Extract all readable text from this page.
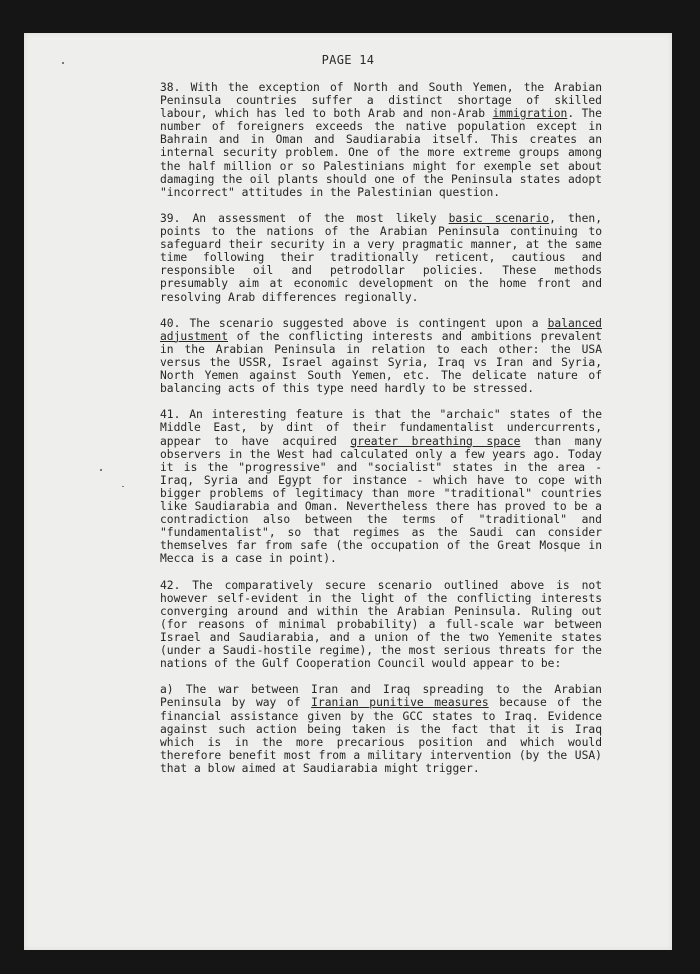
PAGE 14

38. With the exception of North and South Yemen, the Arabian Peninsula countries suffer a distinct shortage of skilled labour, which has led to both Arab and non-Arab immigration. The number of foreigners exceeds the native population except in Bahrain and in Oman and Saudiarabia itself. This creates an internal security problem. One of the more extreme groups among the half million or so Palestinians might for exemple set about damaging the oil plants should one of the Peninsula states adopt "incorrect" attitudes in the Palestinian question.

39. An assessment of the most likely basic scenario, then, points to the nations of the Arabian Peninsula continuing to safeguard their security in a very pragmatic manner, at the same time following their traditionally reticent, cautious and responsible oil and petrodollar policies. These methods presumably aim at economic development on the home front and resolving Arab differences regionally.

40. The scenario suggested above is contingent upon a balanced adjustment of the conflicting interests and ambitions prevalent in the Arabian Peninsula in relation to each other: the USA versus the USSR, Israel against Syria, Iraq vs Iran and Syria, North Yemen against South Yemen, etc. The delicate nature of balancing acts of this type need hardly to be stressed.

41. An interesting feature is that the "archaic" states of the Middle East, by dint of their fundamentalist undercurrents, appear to have acquired greater breathing space than many observers in the West had calculated only a few years ago. Today it is the "progressive" and "socialist" states in the area - Iraq, Syria and Egypt for instance - which have to cope with bigger problems of legitimacy than more "traditional" countries like Saudiarabia and Oman. Nevertheless there has proved to be a contradiction also between the terms of "traditional" and "fundamentalist", so that regimes as the Saudi can consider themselves far from safe (the occupation of the Great Mosque in Mecca is a case in point).

42. The comparatively secure scenario outlined above is not however self-evident in the light of the conflicting interests converging around and within the Arabian Peninsula. Ruling out (for reasons of minimal probability) a full-scale war between Israel and Saudiarabia, and a union of the two Yemenite states (under a Saudi-hostile regime), the most serious threats for the nations of the Gulf Cooperation Council would appear to be:

a) The war between Iran and Iraq spreading to the Arabian Peninsula by way of Iranian punitive measures because of the financial assistance given by the GCC states to Iraq. Evidence against such action being taken is the fact that it is Iraq which is in the more precarious position and which would therefore benefit most from a military intervention (by the USA) that a blow aimed at Saudiarabia might trigger.
